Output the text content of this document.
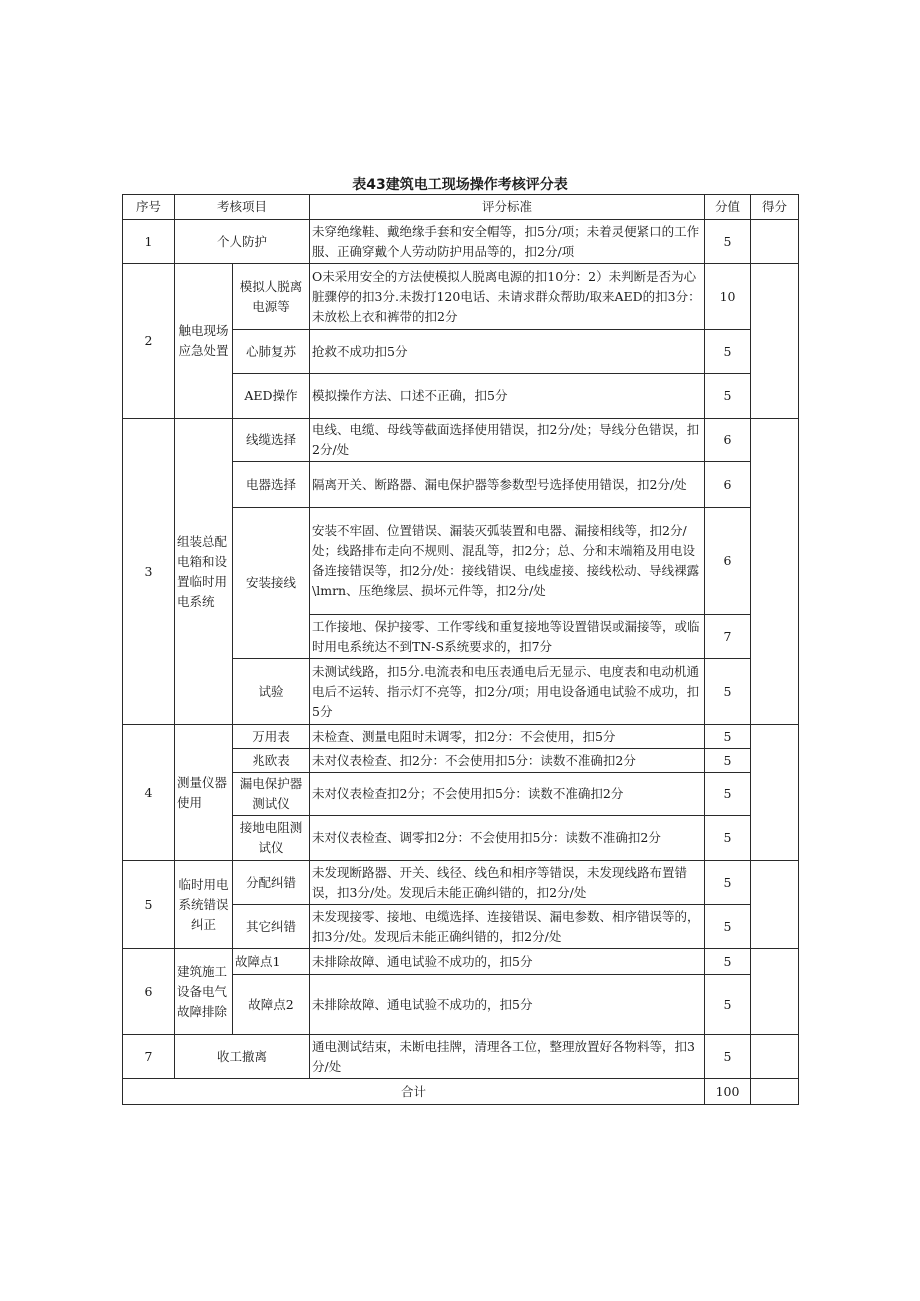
表43建筑电工现场操作考核评分表
序号	考核项目		评分标准	分值	得分
1	个人防护		未穿绝缘鞋、戴绝缘手套和安全帽等，扣5分/项；未着灵便紧口的工作服、正确穿戴个人劳动防护用品等的，扣2分/项	5	
2	触电现场应急处置	模拟人脱离电源等	O未采用安全的方法使模拟人脱离电源的扣10分：2）未判断是否为心脏骤停的扣3分.未拨打120电话、未请求群众帮助/取来AED的扣3分：未放松上衣和裤带的扣2分	10	
		心肺复苏	抢救不成功扣5分	5	
		AED操作	模拟操作方法、口述不正确，扣5分	5	
3	组装总配电箱和设置临时用电系统	线缆选择	电线、电缆、母线等截面选择使用错误，扣2分/处；导线分色错误，扣2分/处	6	
		电器选择	隔离开关、断路器、漏电保护器等参数型号选择使用错误，扣2分/处	6	
		安装接线	安装不牢固、位置错误、漏装灭弧装置和电器、漏接相线等，扣2分/处；线路排布走向不规则、混乱等，扣2分；总、分和末端箱及用电设备连接错误等，扣2分/处：接线错误、电线虚接、接线松动、导线裸露\lmrn、压绝缘层、损坏元件等，扣2分/处	6	
			工作接地、保护接零、工作零线和重复接地等设置错误或漏接等，或临时用电系统达不到TN-S系统要求的，扣7分	7	
		试验	未测试线路，扣5分.电流表和电压表通电后无显示、电度表和电动机通电后不运转、指示灯不亮等，扣2分/项；用电设备通电试验不成功，扣5分	5	
4	测量仪器使用	万用表	未检查、测量电阻时未调零，扣2分：不会使用，扣5分	5	
		兆欧表	未对仪表检查、扣2分：不会使用扣5分：读数不准确扣2分	5	
		漏电保护器测试仪	未对仪表检查扣2分；不会使用扣5分：读数不准确扣2分	5	
		接地电阻测试仪	未对仪表检查、调零扣2分：不会使用扣5分：读数不准确扣2分	5	
5	临时用电系统错误纠正	分配纠错	未发现断路器、开关、线径、线色和相序等错误，未发现线路布置错误，扣3分/处。发现后未能正确纠错的，扣2分/处	5	
		其它纠错	未发现接零、接地、电缆选择、连接错误、漏电参数、相序错误等的，扣3分/处。发现后未能正确纠错的，扣2分/处	5	
6	建筑施工设备电气故障排除	故障点1	未排除故障、通电试验不成功的，扣5分	5	
		故障点2	未排除故障、通电试验不成功的，扣5分	5	
7	收工撤离		通电测试结束，未断电挂牌，清理各工位，整理放置好各物料等，扣3分/处	5	
合计				100	
